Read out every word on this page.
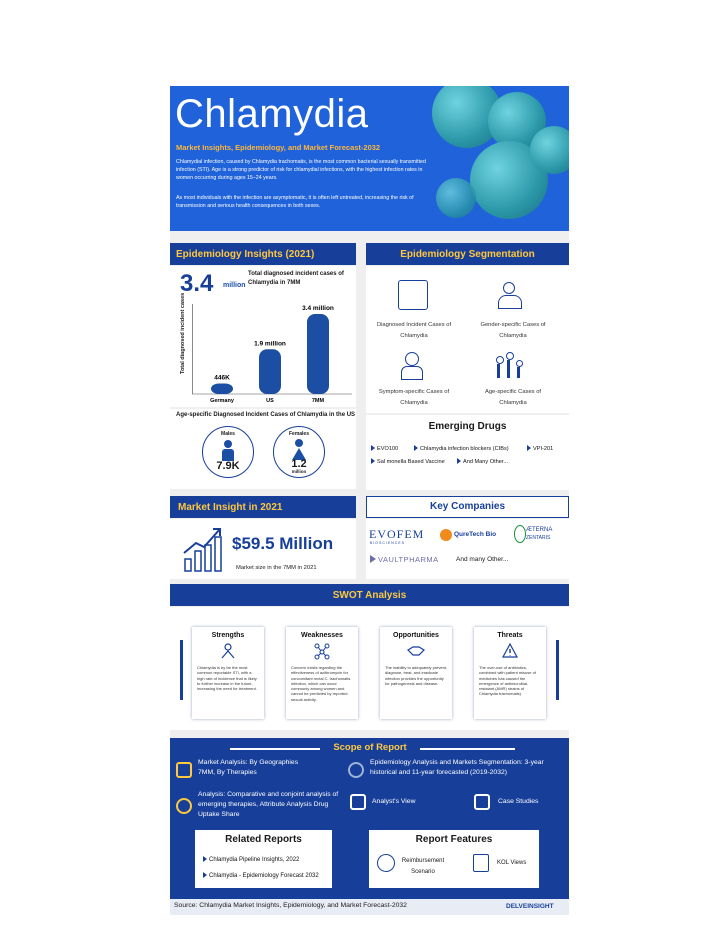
Chlamydia
Market Insights, Epidemiology, and Market Forecast-2032
Chlamydial infection, caused by Chlamydia trachomatis, is the most common bacterial sexually transmitted infection (STI). Age is a strong predictor of risk for chlamydial infections, with the highest infection rates in women occurring during ages 15–24 years.
As most individuals with the infection are asymptomatic, it is often left untreated, increasing the risk of transmission and serious health consequences in both sexes.
Epidemiology Insights (2021)
3.4 million
Total diagnosed incident cases of Chlamydia in 7MM
Total diagnosed incident cases
446K
Germany
1.9 million
US
3.4 million
7MM
Age-specific Diagnosed Incident Cases of Chlamydia in the US
Males
7.9K
Females
1.2
million
Epidemiology Segmentation
Diagnosed Incident Cases of Chlamydia
Gender-specific Cases of Chlamydia
Symptom-specific Cases of Chlamydia
Age-specific Cases of Chlamydia
Emerging Drugs
EVO100	Chlamydia infection blockers (CIBs)	VPI-201
Sal monella Based Vaccine	And Many Other...
Market Insight in 2021
$59.5 Million
Market size in the 7MM in 2021
Key Companies
EVOFEM
BIOSCIENCES
QureTech Bio
ÆTERNA
ZENTARIS
VAULTPHARMA	And many Other...
SWOT Analysis
Strengths
Chlamydia is by far the most common reportable STI, with a high rate of incidence that is likely to further increase in the future, increasing the need for treatment.
Weaknesses
Concern exists regarding the effectiveness of azithromycin for concomitant rectal C. trachomatis infection, which can occur commonly among women and cannot be predicted by reported sexual activity.
Opportunities
The inability to adequately prevent, diagnose, treat, and eradicate infection provides the opportunity for pathogenesis and disease.
Threats
The over-use of antibiotics, combined with patient misuse of medicines has caused the emergence of antimicrobial-resistant (AMR) strains of Chlamydia trachomatis).
Scope of Report
Market Analysis: By Geographies 7MM, By Therapies
Epidemiology Analysis and Markets Segmentation: 3-year historical and 11-year forecasted (2019-2032)
Analysis: Comparative and conjoint analysis of emerging therapies, Attribute Analysis Drug Uptake Share
Analyst's View	Case Studies
Related Reports
Chlamydia Pipeline Insights, 2022
Chlamydia - Epidemiology Forecast 2032
Report Features
Reimbursement Scenario
KOL Views
Source: Chlamydia Market Insights, Epidemiology, and Market Forecast-2032	DELVEINSIGHT
